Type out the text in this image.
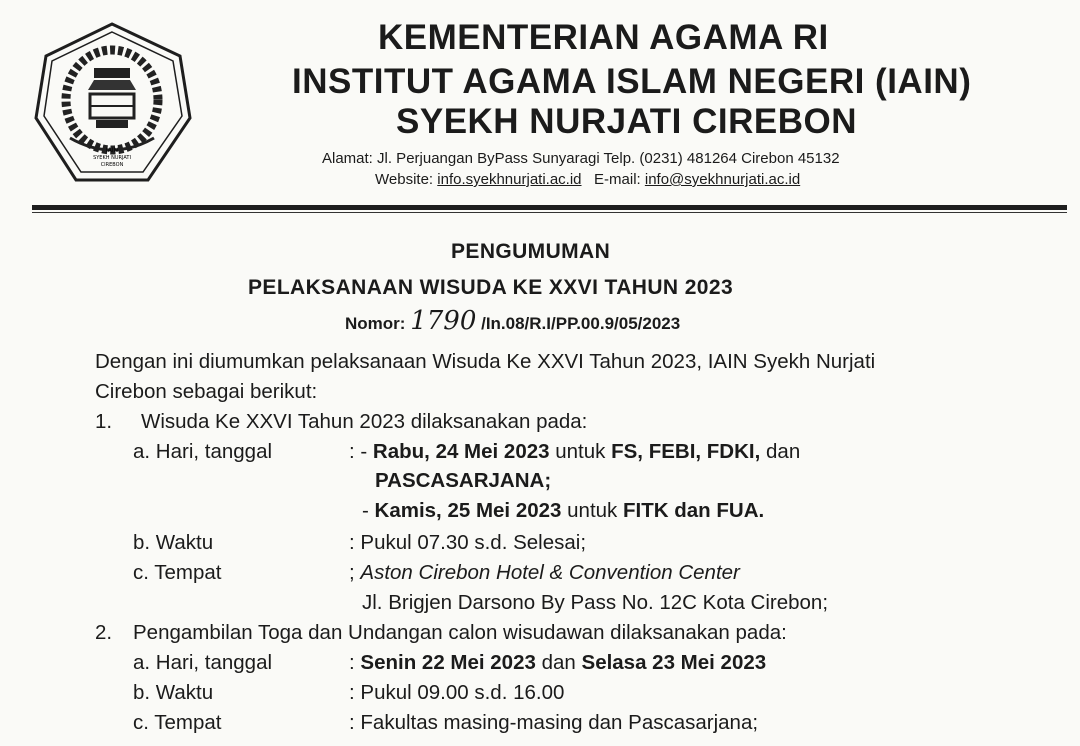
IAIN
SYEKH NURJATI
CIREBON
KEMENTERIAN AGAMA RI
INSTITUT AGAMA ISLAM NEGERI (IAIN)
SYEKH NURJATI CIREBON
Alamat: Jl. Perjuangan ByPass Sunyaragi Telp. (0231) 481264 Cirebon 45132
Website: info.syekhnurjati.ac.id E-mail: info@syekhnurjati.ac.id
PENGUMUMAN
PELAKSANAAN WISUDA KE XXVI TAHUN 2023
Nomor: 1790 /In.08/R.I/PP.00.9/05/2023
Dengan ini diumumkan pelaksanaan Wisuda Ke XXVI Tahun 2023, IAIN Syekh Nurjati
Cirebon sebagai berikut:
1. Wisuda Ke XXVI Tahun 2023 dilaksanakan pada:
a. Hari, tanggal	: - Rabu, 24 Mei 2023 untuk FS, FEBI, FDKI, dan
PASCASARJANA;
- Kamis, 25 Mei 2023 untuk FITK dan FUA.
b. Waktu	: Pukul 07.30 s.d. Selesai;
c. Tempat	; Aston Cirebon Hotel & Convention Center
Jl. Brigjen Darsono By Pass No. 12C Kota Cirebon;
2. Pengambilan Toga dan Undangan calon wisudawan dilaksanakan pada:
a. Hari, tanggal	: Senin 22 Mei 2023 dan Selasa 23 Mei 2023
b. Waktu	: Pukul 09.00 s.d. 16.00
c. Tempat	: Fakultas masing-masing dan Pascasarjana;
